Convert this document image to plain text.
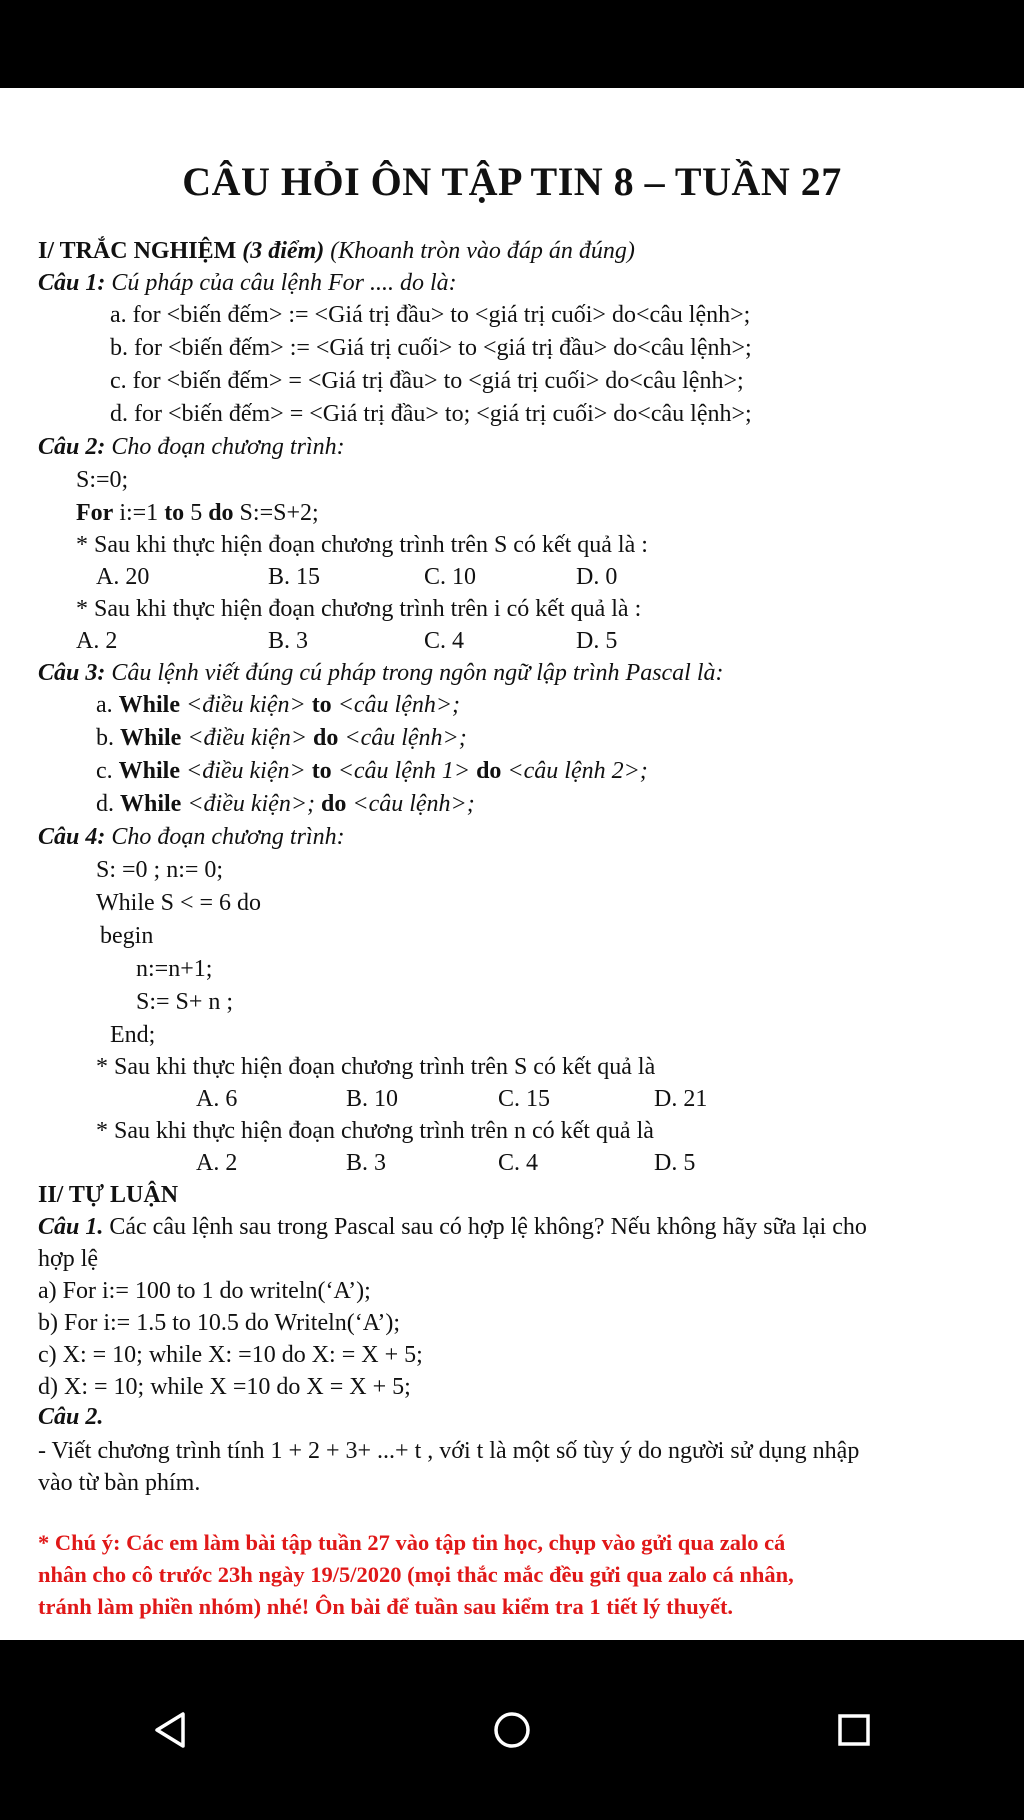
CÂU HỎI ÔN TẬP TIN 8 – TUẦN 27
I/ TRẮC NGHIỆM (3 điểm) (Khoanh tròn vào đáp án đúng)
Câu 1: Cú pháp của câu lệnh For .... do là:
a. for <biến đếm> := <Giá trị đầu> to <giá trị cuối> do<câu lệnh>;
b. for <biến đếm> := <Giá trị cuối> to <giá trị đầu> do<câu lệnh>;
c. for <biến đếm> = <Giá trị đầu> to <giá trị cuối> do<câu lệnh>;
d. for <biến đếm> = <Giá trị đầu> to; <giá trị cuối> do<câu lệnh>;
Câu 2: Cho đoạn chương trình:
S:=0;
For i:=1 to 5 do S:=S+2;
* Sau khi thực hiện đoạn chương trình trên S có kết quả là :
A. 20	B. 15	C. 10	D. 0
* Sau khi thực hiện đoạn chương trình trên i có kết quả là :
A. 2	B. 3	C. 4	D. 5
Câu 3: Câu lệnh viết đúng cú pháp trong ngôn ngữ lập trình Pascal là:
a. While <điều kiện> to <câu lệnh>;
b. While <điều kiện> do <câu lệnh>;
c. While <điều kiện> to <câu lệnh 1> do <câu lệnh 2>;
d. While <điều kiện>; do <câu lệnh>;
Câu 4: Cho đoạn chương trình:
S: =0 ; n:= 0;
While S < = 6 do
begin
n:=n+1;
S:= S+ n ;
End;
* Sau khi thực hiện đoạn chương trình trên S có kết quả là
A. 6	B. 10	C. 15	D. 21
* Sau khi thực hiện đoạn chương trình trên n có kết quả là
A. 2	B. 3	C. 4	D. 5
II/ TỰ LUẬN
Câu 1. Các câu lệnh sau trong Pascal sau có hợp lệ không? Nếu không hãy sữa lại cho
hợp lệ
a) For i:= 100 to 1 do writeln(‘A’);
b) For i:= 1.5 to 10.5 do Writeln(‘A’);
c) X: = 10; while X: =10 do X: = X + 5;
d) X: = 10; while X =10 do X = X + 5;
Câu 2.
- Viết chương trình tính 1 + 2 + 3+ ...+ t , với t là một số tùy ý do người sử dụng nhập
vào từ bàn phím.
* Chú ý: Các em làm bài tập tuần 27 vào tập tin học, chụp vào gửi qua zalo cá
nhân cho cô trước 23h ngày 19/5/2020 (mọi thắc mắc đều gửi qua zalo cá nhân,
tránh làm phiền nhóm) nhé! Ôn bài để tuần sau kiểm tra 1 tiết lý thuyết.
